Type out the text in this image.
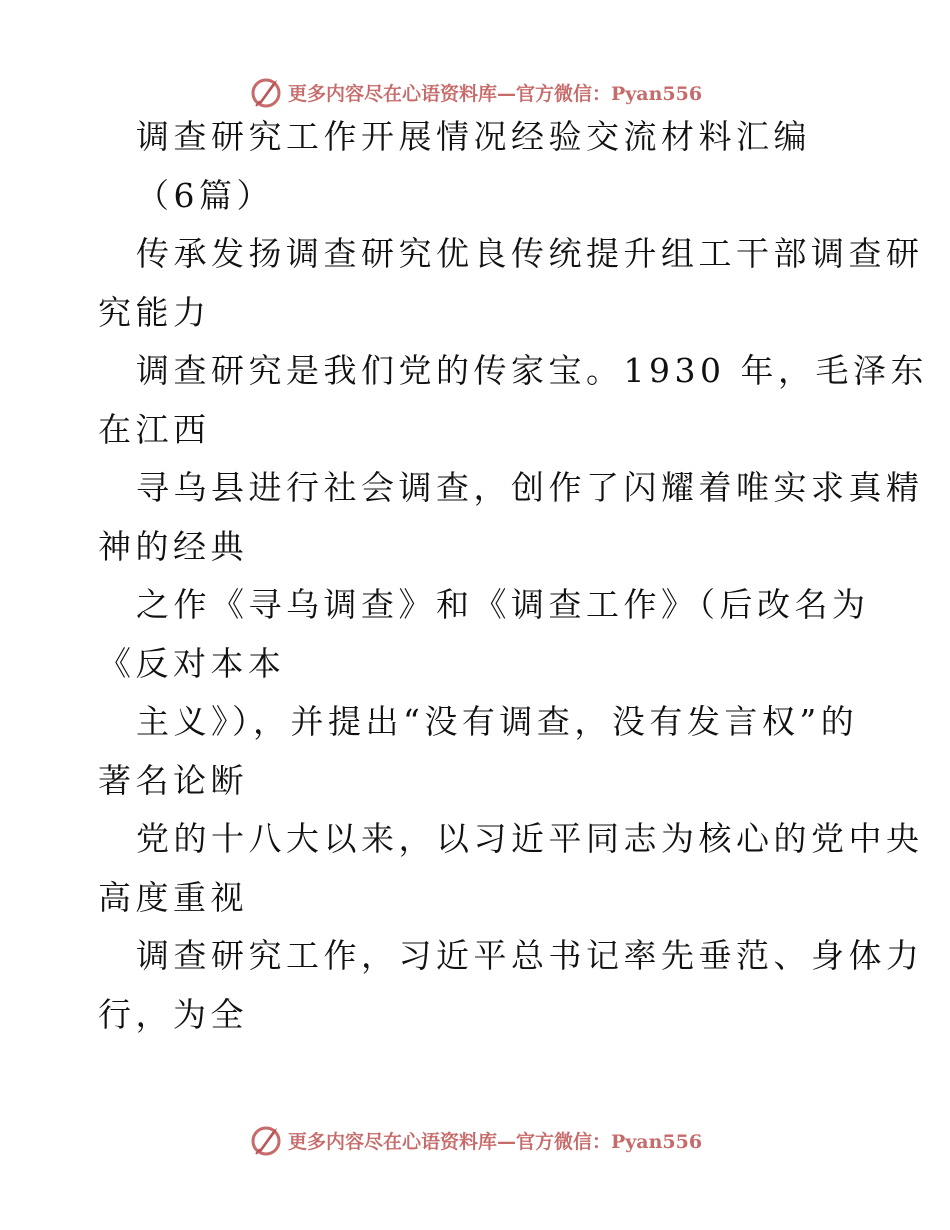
更多内容尽在心语资料库—官方微信：Pyan556
调查研究工作开展情况经验交流材料汇编
（6篇）
传承发扬调查研究优良传统提升组工干部调查研
究能力
调查研究是我们党的传家宝。1930 年，毛泽东
在江西
寻乌县进行社会调查，创作了闪耀着唯实求真精
神的经典
之作《寻乌调查》和《调查工作》（后改名为
《反对本本
主义》），并提出“没有调查，没有发言权”的
著名论断
党的十八大以来，以习近平同志为核心的党中央
高度重视
调查研究工作，习近平总书记率先垂范、身体力
行，为全
更多内容尽在心语资料库—官方微信：Pyan556
